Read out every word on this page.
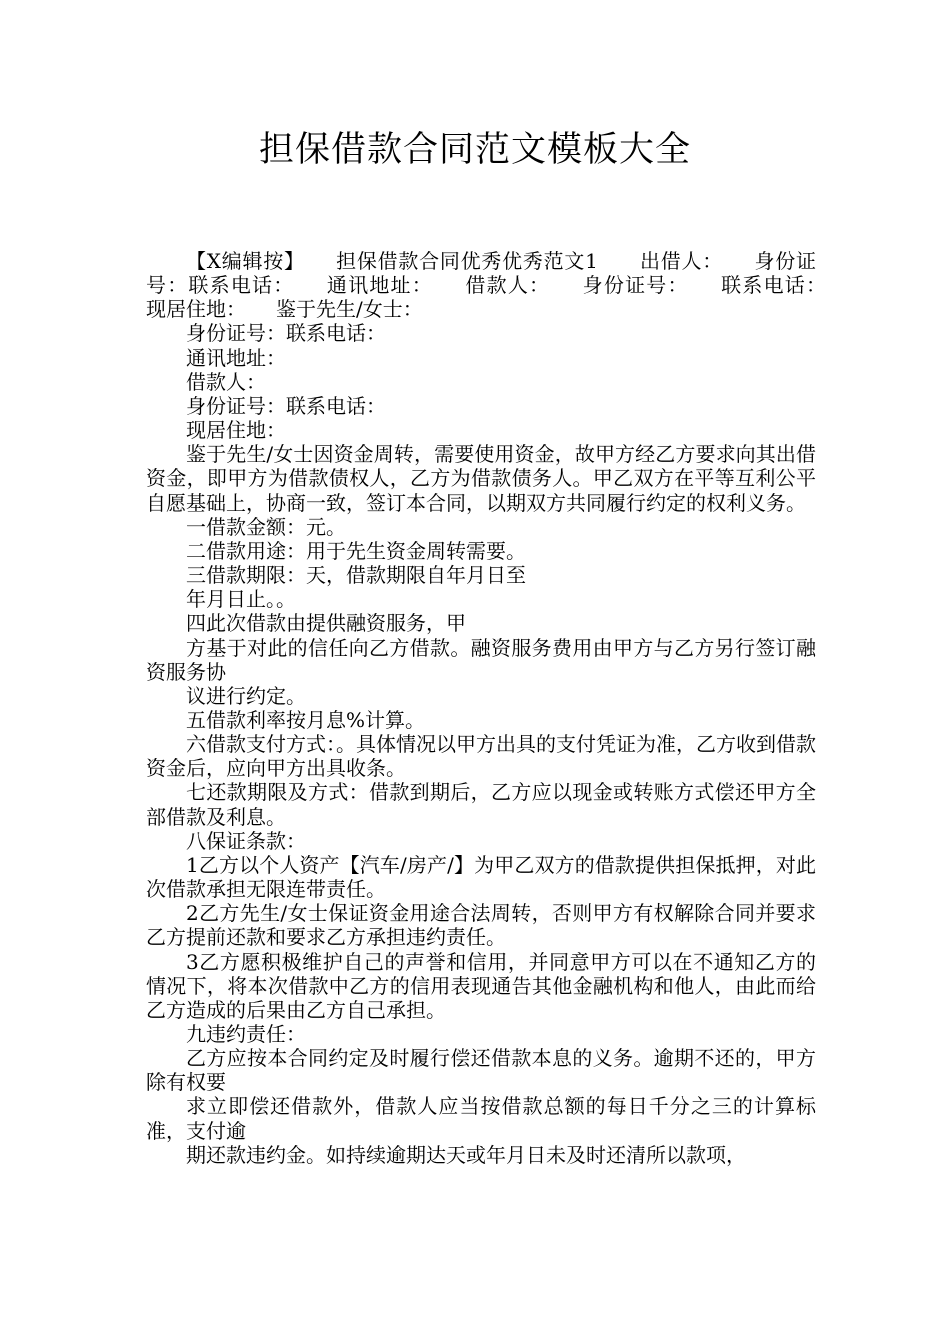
担保借款合同范文模板大全

【X编辑按】　　担保借款合同优秀优秀范文1　　出借人：　　身份证号：联系电话：　　通讯地址：　　借款人：　　身份证号：　　联系电话：　　现居住地：　　鉴于先生/女士：

身份证号：联系电话：

通讯地址：

借款人：

身份证号：联系电话：

现居住地：

鉴于先生/女士因资金周转，需要使用资金，故甲方经乙方要求向其出借资金，即甲方为借款债权人，乙方为借款债务人。甲乙双方在平等互利公平自愿基础上，协商一致，签订本合同，以期双方共同履行约定的权利义务。

一借款金额：元。

二借款用途：用于先生资金周转需要。

三借款期限：天，借款期限自年月日至

年月日止。。

四此次借款由提供融资服务，甲

方基于对此的信任向乙方借款。融资服务费用由甲方与乙方另行签订融资服务协

议进行约定。

五借款利率按月息%计算。

六借款支付方式：。具体情况以甲方出具的支付凭证为准，乙方收到借款资金后，应向甲方出具收条。

七还款期限及方式：借款到期后，乙方应以现金或转账方式偿还甲方全部借款及利息。

八保证条款：

1乙方以个人资产【汽车/房产/】为甲乙双方的借款提供担保抵押，对此次借款承担无限连带责任。

2乙方先生/女士保证资金用途合法周转，否则甲方有权解除合同并要求乙方提前还款和要求乙方承担违约责任。

3乙方愿积极维护自己的声誉和信用，并同意甲方可以在不通知乙方的情况下，将本次借款中乙方的信用表现通告其他金融机构和他人，由此而给乙方造成的后果由乙方自己承担。

九违约责任：

乙方应按本合同约定及时履行偿还借款本息的义务。逾期不还的，甲方除有权要

求立即偿还借款外，借款人应当按借款总额的每日千分之三的计算标准，支付逾

期还款违约金。如持续逾期达天或年月日未及时还清所以款项，
